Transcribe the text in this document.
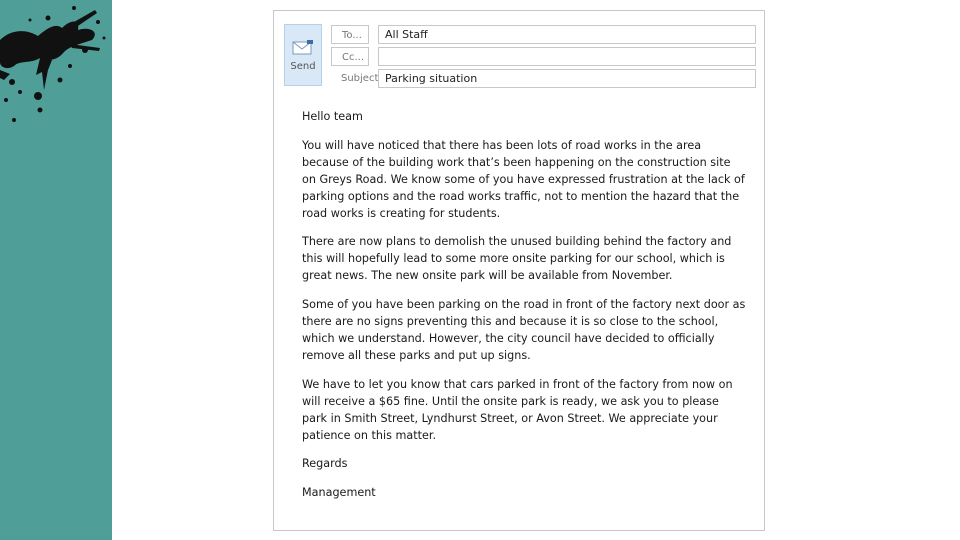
Send
To...	All Staff
Cc...
Subject Parking situation

Hello team

You will have noticed that there has been lots of road works in the area because of the building work that’s been happening on the construction site on Greys Road. We know some of you have expressed frustration at the lack of parking options and the road works traffic, not to mention the hazard that the road works is creating for students.

There are now plans to demolish the unused building behind the factory and this will hopefully lead to some more onsite parking for our school, which is great news. The new onsite park will be available from November.

Some of you have been parking on the road in front of the factory next door as there are no signs preventing this and because it is so close to the school, which we understand. However, the city council have decided to officially remove all these parks and put up signs.

We have to let you know that cars parked in front of the factory from now on will receive a $65 fine. Until the onsite park is ready, we ask you to please park in Smith Street, Lyndhurst Street, or Avon Street. We appreciate your patience on this matter.

Regards

Management
